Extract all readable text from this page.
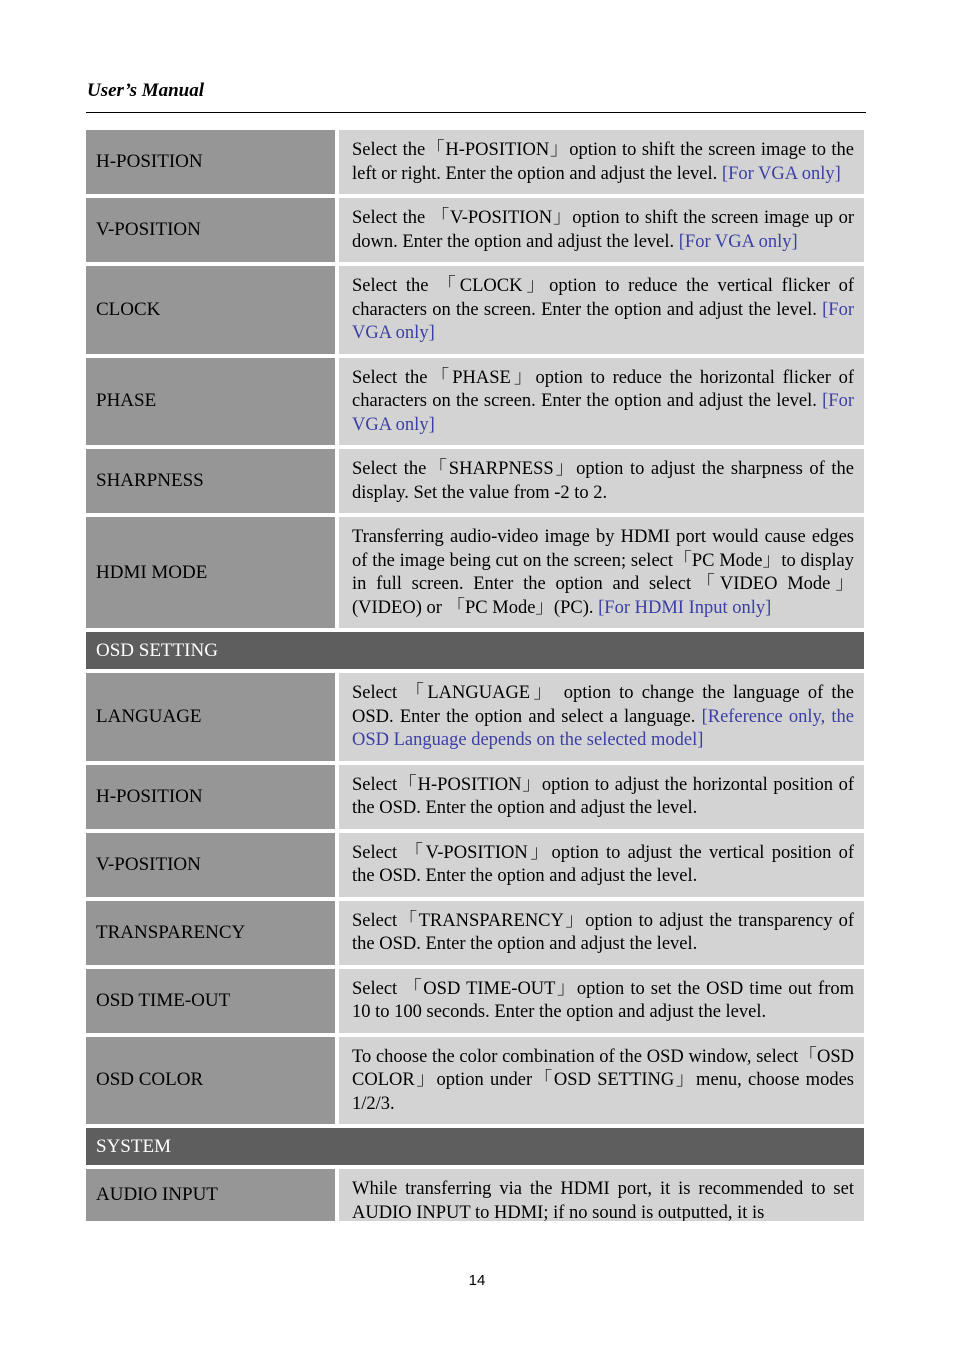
User’s Manual
H-POSITION
Select the「H-POSITION」option to shift the screen image to the left or right. Enter the option and adjust the level. [For VGA only]
V-POSITION
Select the 「V-POSITION」option to shift the screen image up or down. Enter the option and adjust the level. [For VGA only]
CLOCK
Select the 「CLOCK」option to reduce the vertical flicker of characters on the screen. Enter the option and adjust the level. [For VGA only]
PHASE
Select the「PHASE」option to reduce the horizontal flicker of characters on the screen. Enter the option and adjust the level. [For VGA only]
SHARPNESS
Select the「SHARPNESS」option to adjust the sharpness of the display. Set the value from -2 to 2.
HDMI MODE
Transferring audio-video image by HDMI port would cause edges of the image being cut on the screen; select「PC Mode」to display in full screen. Enter the option and select「VIDEO Mode」(VIDEO) or 「PC Mode」(PC). [For HDMI Input only]
OSD SETTING
LANGUAGE
Select 「LANGUAGE」 option to change the language of the OSD. Enter the option and select a language. [Reference only, the OSD Language depends on the selected model]
H-POSITION
Select「H-POSITION」option to adjust the horizontal position of the OSD. Enter the option and adjust the level.
V-POSITION
Select 「V-POSITION」option to adjust the vertical position of the OSD. Enter the option and adjust the level.
TRANSPARENCY
Select「TRANSPARENCY」option to adjust the transparency of the OSD. Enter the option and adjust the level.
OSD TIME-OUT
Select 「OSD TIME-OUT」option to set the OSD time out from 10 to 100 seconds. Enter the option and adjust the level.
OSD COLOR
To choose the color combination of the OSD window, select「OSD COLOR」option under「OSD SETTING」menu, choose modes 1/2/3.
SYSTEM
AUDIO INPUT	While transferring via the HDMI port, it is recommended to set AUDIO INPUT to HDMI; if no sound is outputted, it is
14
